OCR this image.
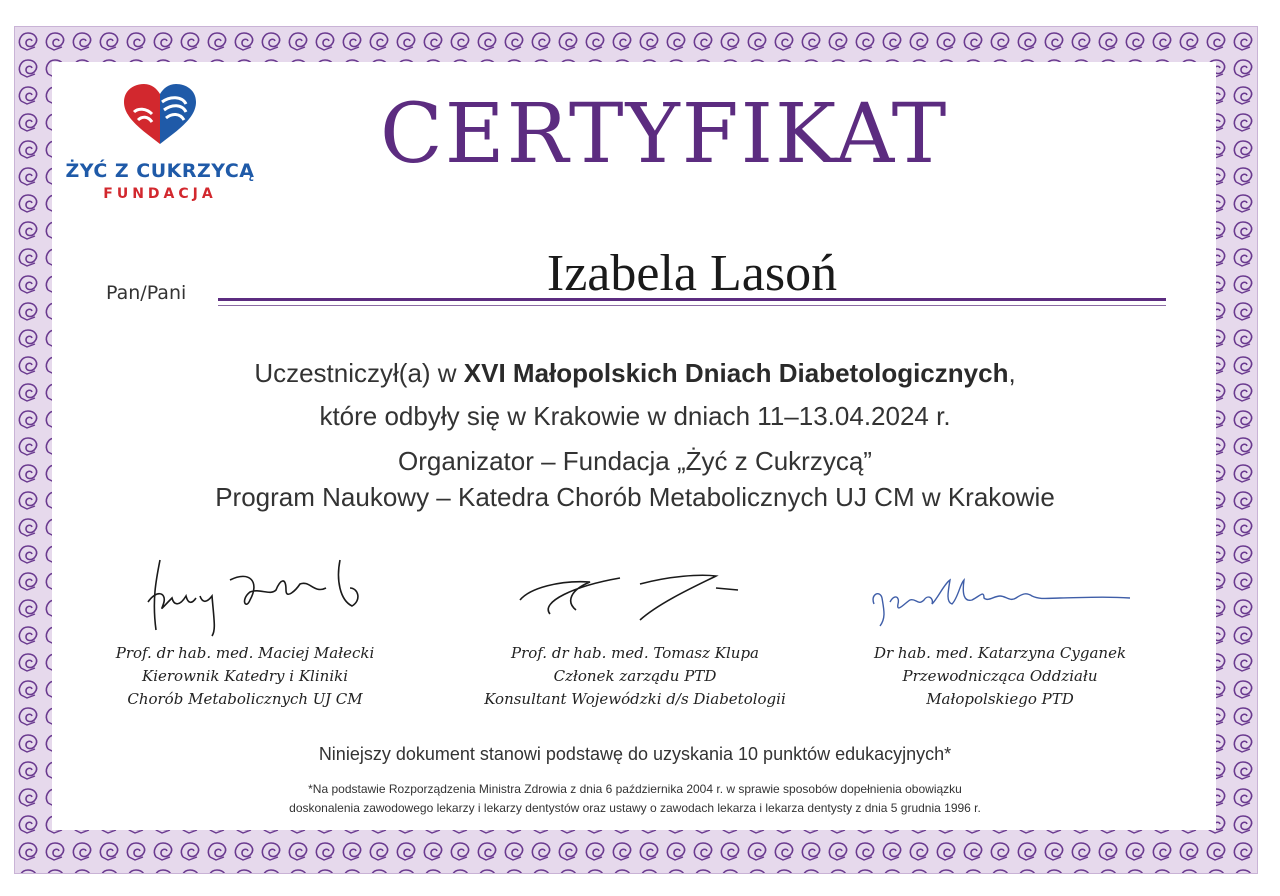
ŻYĆ Z CUKRZYCĄ
FUNDACJA
CERTYFIKAT
Pan/Pani	Izabela Lasoń
Uczestniczył(a) w XVI Małopolskich Dniach Diabetologicznych,
które odbyły się w Krakowie w dniach 11–13.04.2024 r.
Organizator – Fundacja „Żyć z Cukrzycą”
Program Naukowy – Katedra Chorób Metabolicznych UJ CM w Krakowie
Prof. dr hab. med. Maciej Małecki
Kierownik Katedry i Kliniki
Chorób Metabolicznych UJ CM
Prof. dr hab. med. Tomasz Klupa
Członek zarządu PTD
Konsultant Wojewódzki d/s Diabetologii
Dr hab. med. Katarzyna Cyganek
Przewodnicząca Oddziału
Małopolskiego PTD
Niniejszy dokument stanowi podstawę do uzyskania 10 punktów edukacyjnych*
*Na podstawie Rozporządzenia Ministra Zdrowia z dnia 6 października 2004 r. w sprawie sposobów dopełnienia obowiązku
doskonalenia zawodowego lekarzy i lekarzy dentystów oraz ustawy o zawodach lekarza i lekarza dentysty z dnia 5 grudnia 1996 r.
